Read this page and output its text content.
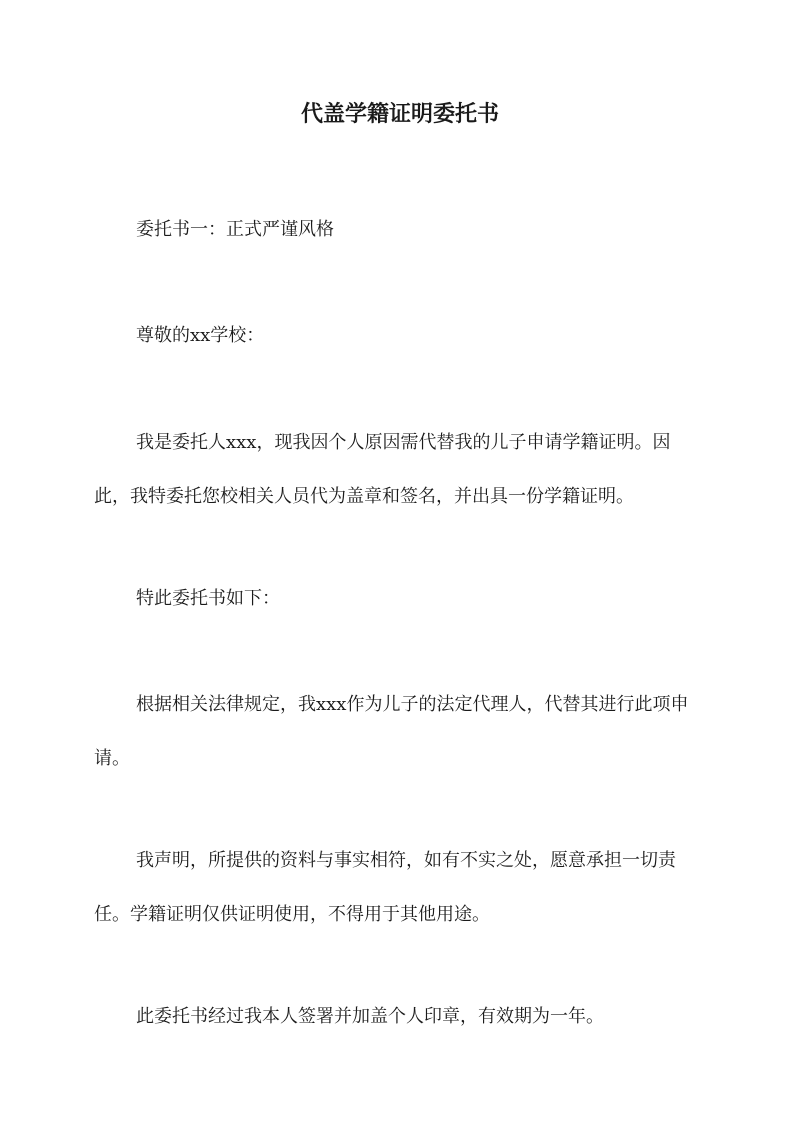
代盖学籍证明委托书

委托书一：正式严谨风格

尊敬的xx学校：

我是委托人xxx，现我因个人原因需代替我的儿子申请学籍证明。因此，我特委托您校相关人员代为盖章和签名，并出具一份学籍证明。

特此委托书如下：

根据相关法律规定，我xxx作为儿子的法定代理人，代替其进行此项申请。

我声明，所提供的资料与事实相符，如有不实之处，愿意承担一切责任。学籍证明仅供证明使用，不得用于其他用途。

此委托书经过我本人签署并加盖个人印章，有效期为一年。
